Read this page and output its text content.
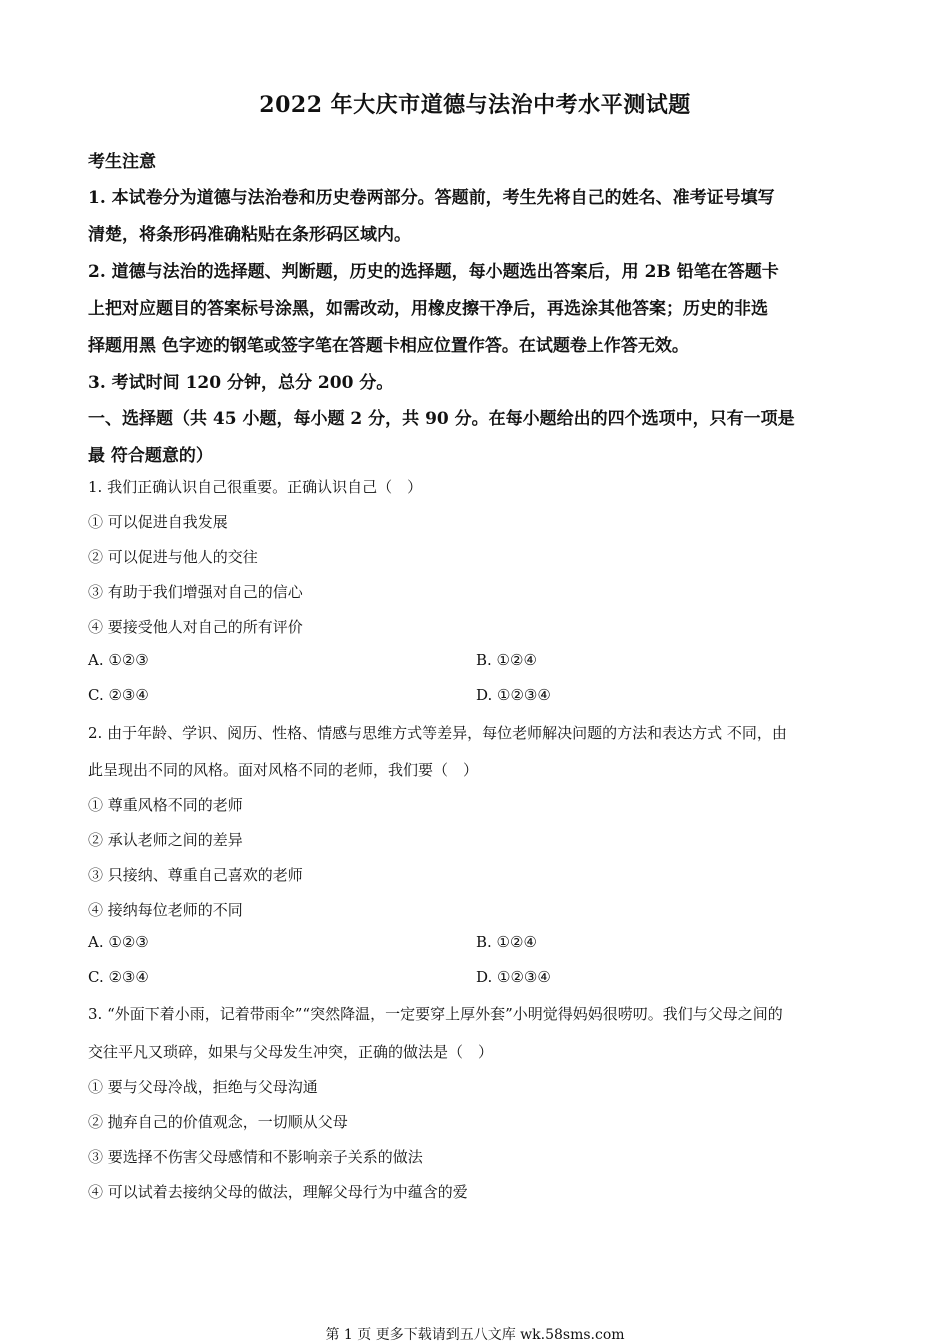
2022 年大庆市道德与法治中考水平测试题
考生注意
1. 本试卷分为道德与法治卷和历史卷两部分。答题前，考生先将自己的姓名、准考证号填写
清楚，将条形码准确粘贴在条形码区域内。
2. 道德与法治的选择题、判断题，历史的选择题，每小题选出答案后，用 2B 铅笔在答题卡
上把对应题目的答案标号涂黑，如需改动，用橡皮擦干净后，再选涂其他答案；历史的非选
择题用黑 色字迹的钢笔或签字笔在答题卡相应位置作答。在试题卷上作答无效。
3. 考试时间 120 分钟，总分 200 分。
一、选择题（共 45 小题，每小题 2 分，共 90 分。在每小题给出的四个选项中，只有一项是
最 符合题意的）
1. 我们正确认识自己很重要。正确认识自己（　）
① 可以促进自我发展
② 可以促进与他人的交往
③ 有助于我们增强对自己的信心
④ 要接受他人对自己的所有评价
A. ①②③	B. ①②④
C. ②③④	D. ①②③④
2. 由于年龄、学识、阅历、性格、情感与思维方式等差异，每位老师解决问题的方法和表达方式 不同，由
此呈现出不同的风格。面对风格不同的老师，我们要（　）
① 尊重风格不同的老师
② 承认老师之间的差异
③ 只接纳、尊重自己喜欢的老师
④ 接纳每位老师的不同
A. ①②③	B. ①②④
C. ②③④	D. ①②③④
3. “外面下着小雨，记着带雨伞”“突然降温，一定要穿上厚外套”小明觉得妈妈很唠叨。我们与父母之间的
交往平凡又琐碎，如果与父母发生冲突，正确的做法是（　）
① 要与父母冷战，拒绝与父母沟通
② 抛弃自己的价值观念，一切顺从父母
③ 要选择不伤害父母感情和不影响亲子关系的做法
④ 可以试着去接纳父母的做法，理解父母行为中蕴含的爱
第 1 页 更多下载请到五八文库 wk.58sms.com
